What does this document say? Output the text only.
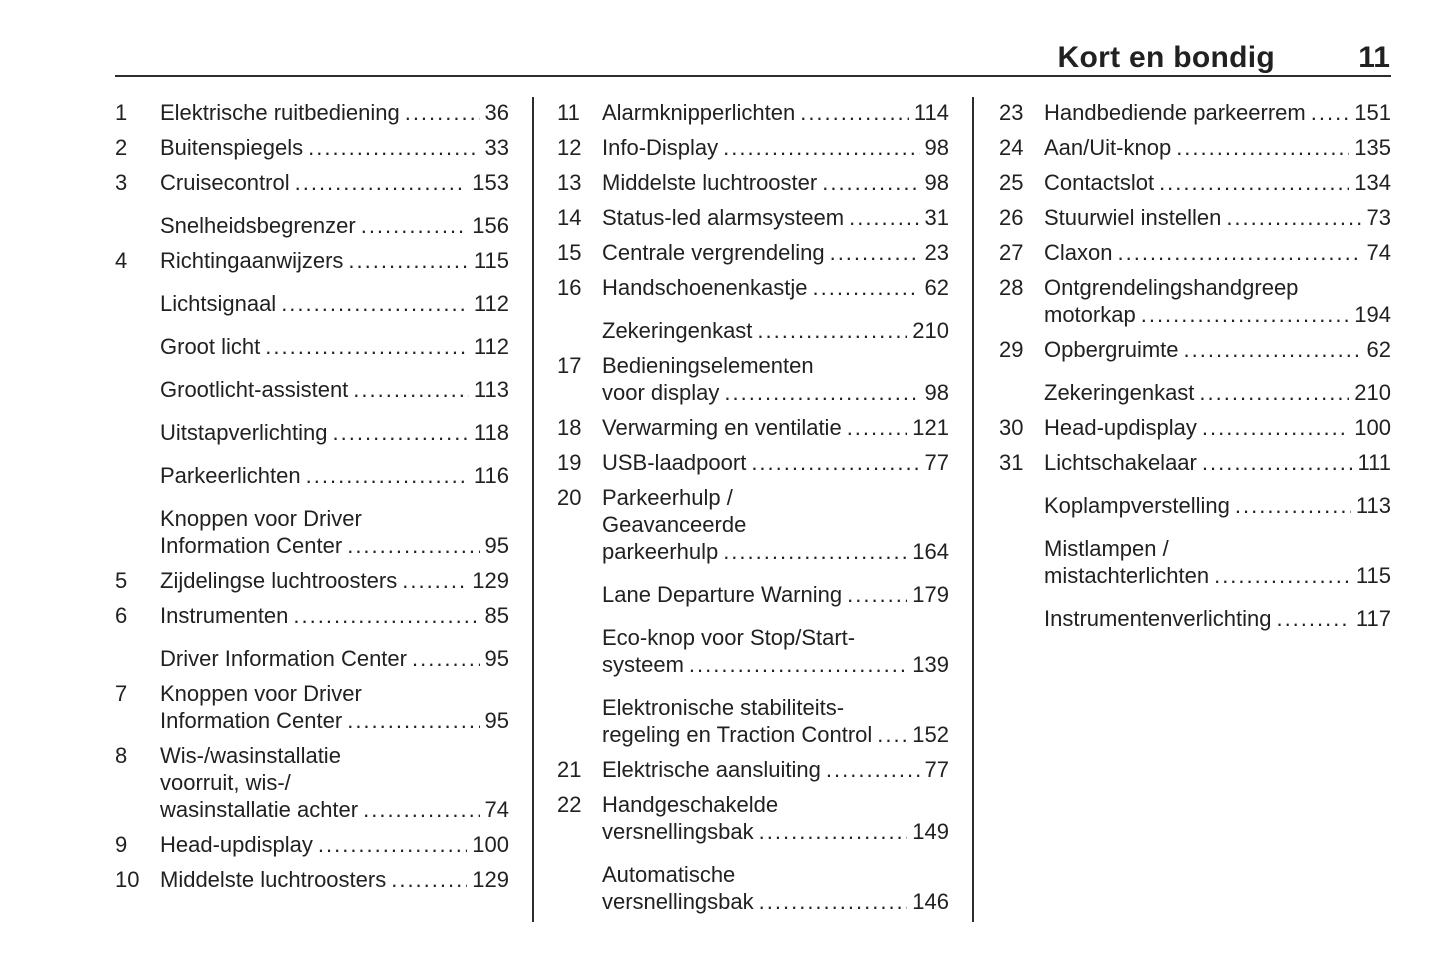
Kort en bondig	11
1	Elektrische ruitbediening .....	36
2	Buitenspiegels .....	33
3	Cruisecontrol .....	153
Snelheidsbegrenzer .....	156
4	Richtingaanwijzers .....	115
Lichtsignaal .....	112
Groot licht .....	112
Grootlicht-assistent .....	113
Uitstapverlichting .....	118
Parkeerlichten .....	116
Knoppen voor Driver
Information Center .....	95
5	Zijdelingse luchtroosters .....	129
6	Instrumenten .....	85
Driver Information Center .....	95
7	Knoppen voor Driver
Information Center .....	95
8	Wis-/wasinstallatie
voorruit, wis-/
wasinstallatie achter .....	74
9	Head-updisplay .....	100
10 Middelste luchtroosters .....	129
11	Alarmknipperlichten .....	114
12 Info-Display .....	98
13 Middelste luchtrooster .....	98
14 Status-led alarmsysteem .....	31
15 Centrale vergrendeling .....	23
16 Handschoenenkastje .....	62
Zekeringenkast .....	210
17 Bedieningselementen
voor display .....	98
18 Verwarming en ventilatie .....	121
19 USB-laadpoort .....	77
20 Parkeerhulp /
Geavanceerde
parkeerhulp .....	164
Lane Departure Warning .....	179
Eco-knop voor Stop/Start-
systeem .....	139
Elektronische stabiliteits-
regeling en Traction Control ..... 152
21 Elektrische aansluiting .....	77
22 Handgeschakelde
versnellingsbak .....	149
Automatische
versnellingsbak .....	146
23 Handbediende parkeerrem ..... 151
24 Aan/Uit-knop .....	135
25 Contactslot .....	134
26 Stuurwiel instellen .....	73
27 Claxon .....	74
28 Ontgrendelingshandgreep
motorkap .....	194
29 Opbergruimte .....	62
Zekeringenkast .....	210
30 Head-updisplay .....	100
31 Lichtschakelaar .....	111
Koplampverstelling .....	113
Mistlampen /
mistachterlichten .....	115
Instrumentenverlichting .....	117
